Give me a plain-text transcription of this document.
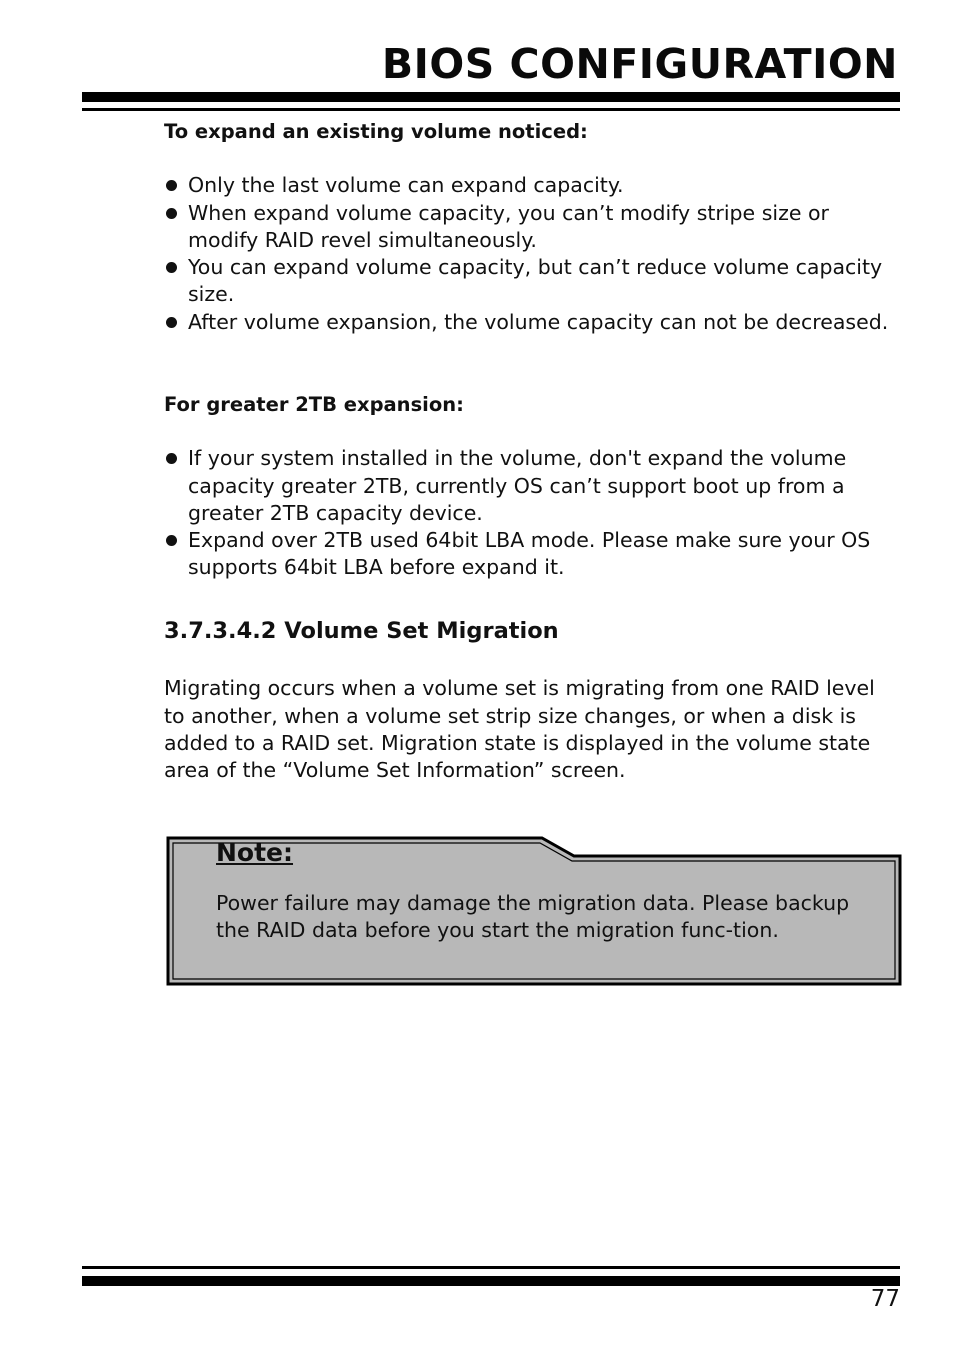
BIOS CONFIGURATION
To expand an existing volume noticed:
Only the last volume can expand capacity.
When expand volume capacity, you can’t modify stripe size or modify RAID revel simultaneously.
You can expand volume capacity, but can’t reduce volume capacity size.
After volume expansion, the volume capacity can not be decreased.
For greater 2TB expansion:
If your system installed in the volume, don't expand the volume capacity greater 2TB, currently OS can’t support boot up from a greater 2TB capacity device.
Expand over 2TB used 64bit LBA mode. Please make sure your OS supports 64bit LBA before expand it.
3.7.3.4.2 Volume Set Migration
Migrating occurs when a volume set is migrating from one RAID level to another, when a volume set strip size changes, or when a disk is added to a RAID set. Migration state is displayed in the volume state area of the “Volume Set Information” screen.
Note:
Power failure may damage the migration data. Please backup the RAID data before you start the migration func-tion.
77
